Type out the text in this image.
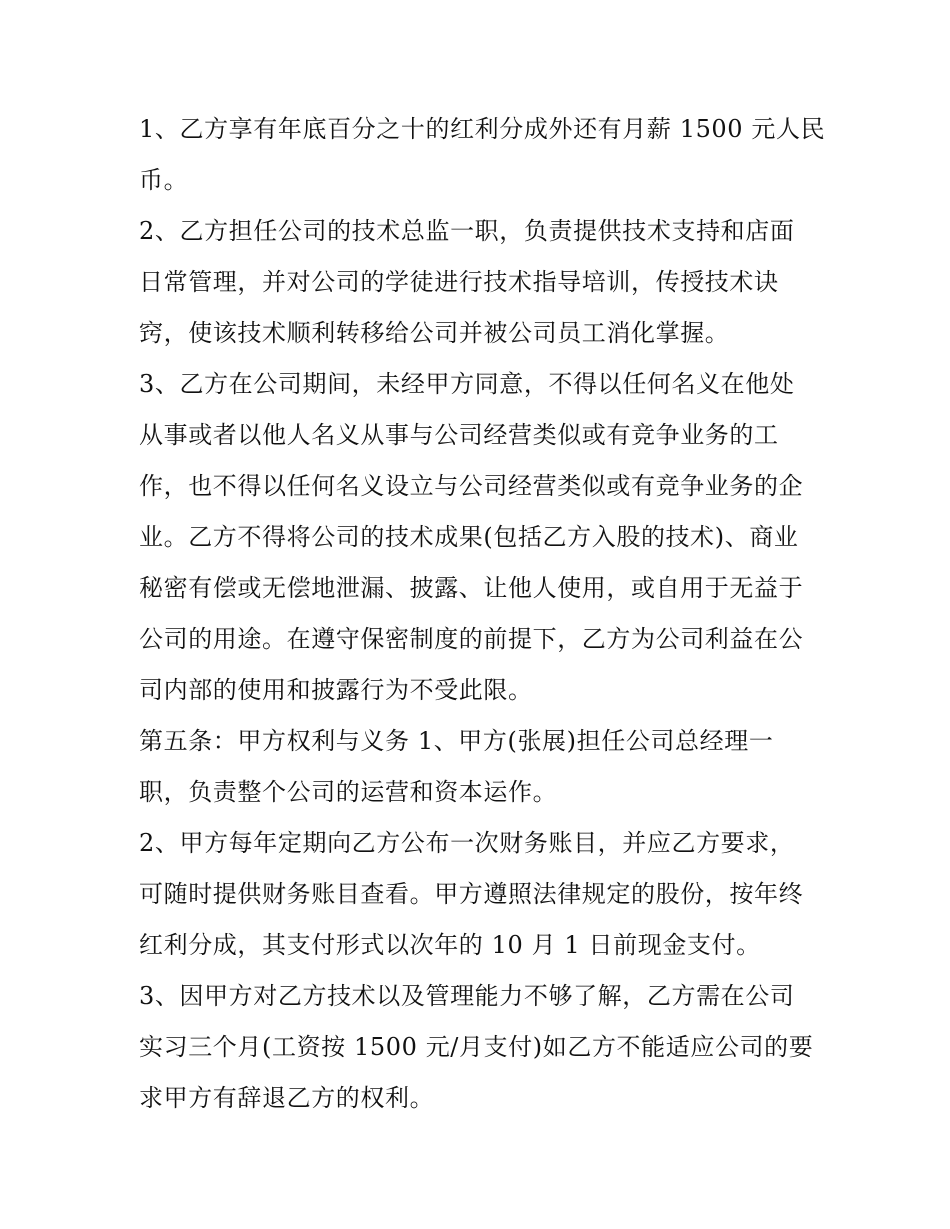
1、乙方享有年底百分之十的红利分成外还有月薪 1500 元人民
币。

2、乙方担任公司的技术总监一职，负责提供技术支持和店面
日常管理，并对公司的学徒进行技术指导培训，传授技术诀
窍，使该技术顺利转移给公司并被公司员工消化掌握。

3、乙方在公司期间，未经甲方同意，不得以任何名义在他处
从事或者以他人名义从事与公司经营类似或有竞争业务的工
作，也不得以任何名义设立与公司经营类似或有竞争业务的企
业。乙方不得将公司的技术成果(包括乙方入股的技术)、商业
秘密有偿或无偿地泄漏、披露、让他人使用，或自用于无益于
公司的用途。在遵守保密制度的前提下，乙方为公司利益在公
司内部的使用和披露行为不受此限。

第五条：甲方权利与义务 1、甲方(张展)担任公司总经理一
职，负责整个公司的运营和资本运作。

2、甲方每年定期向乙方公布一次财务账目，并应乙方要求，
可随时提供财务账目查看。甲方遵照法律规定的股份，按年终
红利分成，其支付形式以次年的 10 月 1 日前现金支付。

3、因甲方对乙方技术以及管理能力不够了解，乙方需在公司
实习三个月(工资按 1500 元/月支付)如乙方不能适应公司的要
求甲方有辞退乙方的权利。
